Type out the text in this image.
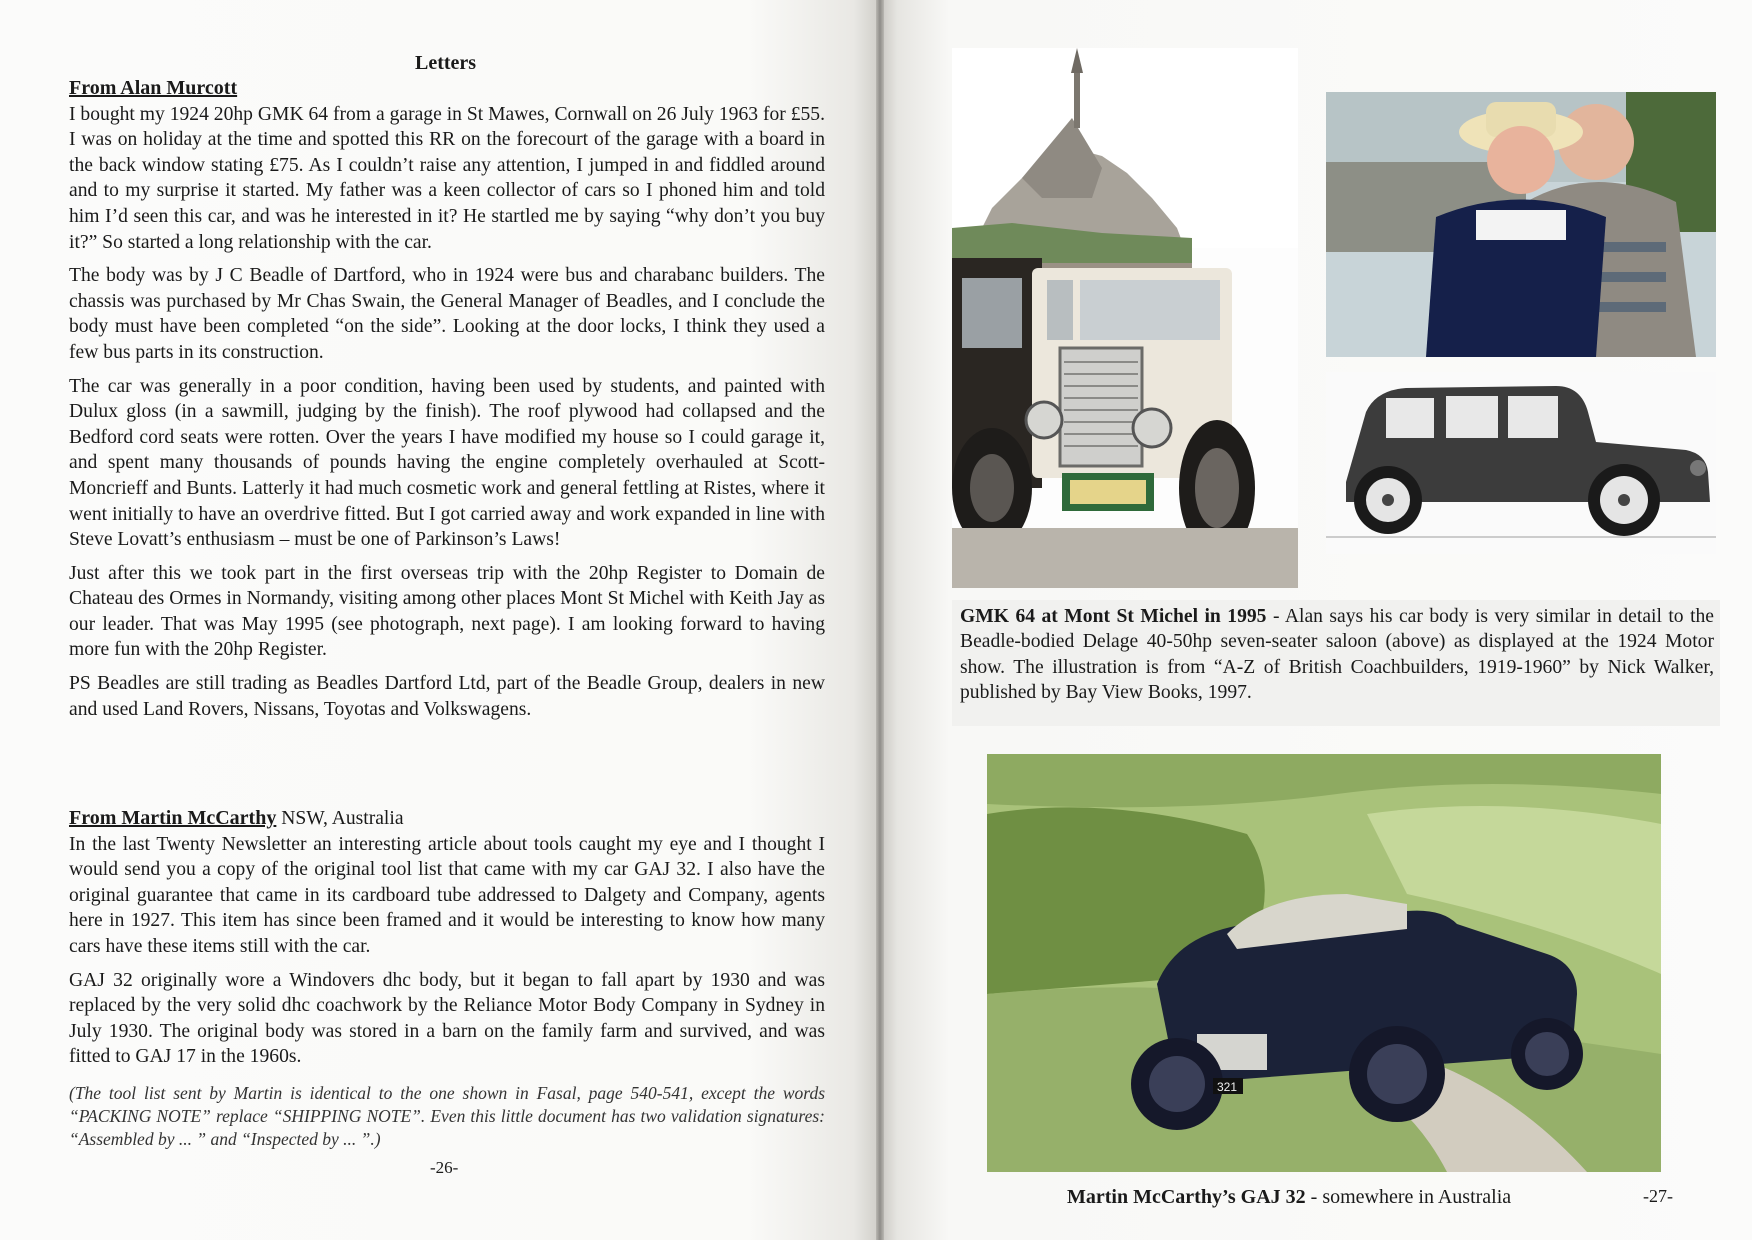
Letters
From Alan Murcott

I bought my 1924 20hp GMK 64 from a garage in St Mawes, Cornwall on 26 July 1963 for £55. I was on holiday at the time and spotted this RR on the forecourt of the garage with a board in the back window stating £75. As I couldn’t raise any attention, I jumped in and fiddled around and to my surprise it started. My father was a keen collector of cars so I phoned him and told him I’d seen this car, and was he interested in it? He startled me by saying “why don’t you buy it?” So started a long relationship with the car.

The body was by J C Beadle of Dartford, who in 1924 were bus and charabanc builders. The chassis was purchased by Mr Chas Swain, the General Manager of Beadles, and I conclude the body must have been completed “on the side”. Looking at the door locks, I think they used a few bus parts in its construction.

The car was generally in a poor condition, having been used by students, and painted with Dulux gloss (in a sawmill, judging by the finish). The roof plywood had collapsed and the Bedford cord seats were rotten. Over the years I have modified my house so I could garage it, and spent many thousands of pounds having the engine completely overhauled at Scott-Moncrieff and Bunts. Latterly it had much cosmetic work and general fettling at Ristes, where it went initially to have an overdrive fitted. But I got carried away and work expanded in line with Steve Lovatt’s enthusiasm – must be one of Parkinson’s Laws!

Just after this we took part in the first overseas trip with the 20hp Register to Domain de Chateau des Ormes in Normandy, visiting among other places Mont St Michel with Keith Jay as our leader. That was May 1995 (see photograph, next page). I am looking forward to having more fun with the 20hp Register.

PS Beadles are still trading as Beadles Dartford Ltd, part of the Beadle Group, dealers in new and used Land Rovers, Nissans, Toyotas and Volkswagens.

From Martin McCarthy NSW, Australia

In the last Twenty Newsletter an interesting article about tools caught my eye and I thought I would send you a copy of the original tool list that came with my car GAJ 32. I also have the original guarantee that came in its cardboard tube addressed to Dalgety and Company, agents here in 1927. This item has since been framed and it would be interesting to know how many cars have these items still with the car.

GAJ 32 originally wore a Windovers dhc body, but it began to fall apart by 1930 and was replaced by the very solid dhc coachwork by the Reliance Motor Body Company in Sydney in July 1930. The original body was stored in a barn on the family farm and survived, and was fitted to GAJ 17 in the 1960s.

(The tool list sent by Martin is identical to the one shown in Fasal, page 540-541, except the words “PACKING NOTE” replace “SHIPPING NOTE”. Even this little document has two validation signatures: “Assembled by ... ” and “Inspected by ... ”.)
-26-
GMK 64 at Mont St Michel in 1995 - Alan says his car body is very similar in detail to the Beadle-bodied Delage 40-50hp seven-seater saloon (above) as displayed at the 1924 Motor show. The illustration is from “A-Z of British Coachbuilders, 1919-1960” by Nick Walker, published by Bay View Books, 1997.
321
Martin McCarthy’s GAJ 32 - somewhere in Australia	-27-
